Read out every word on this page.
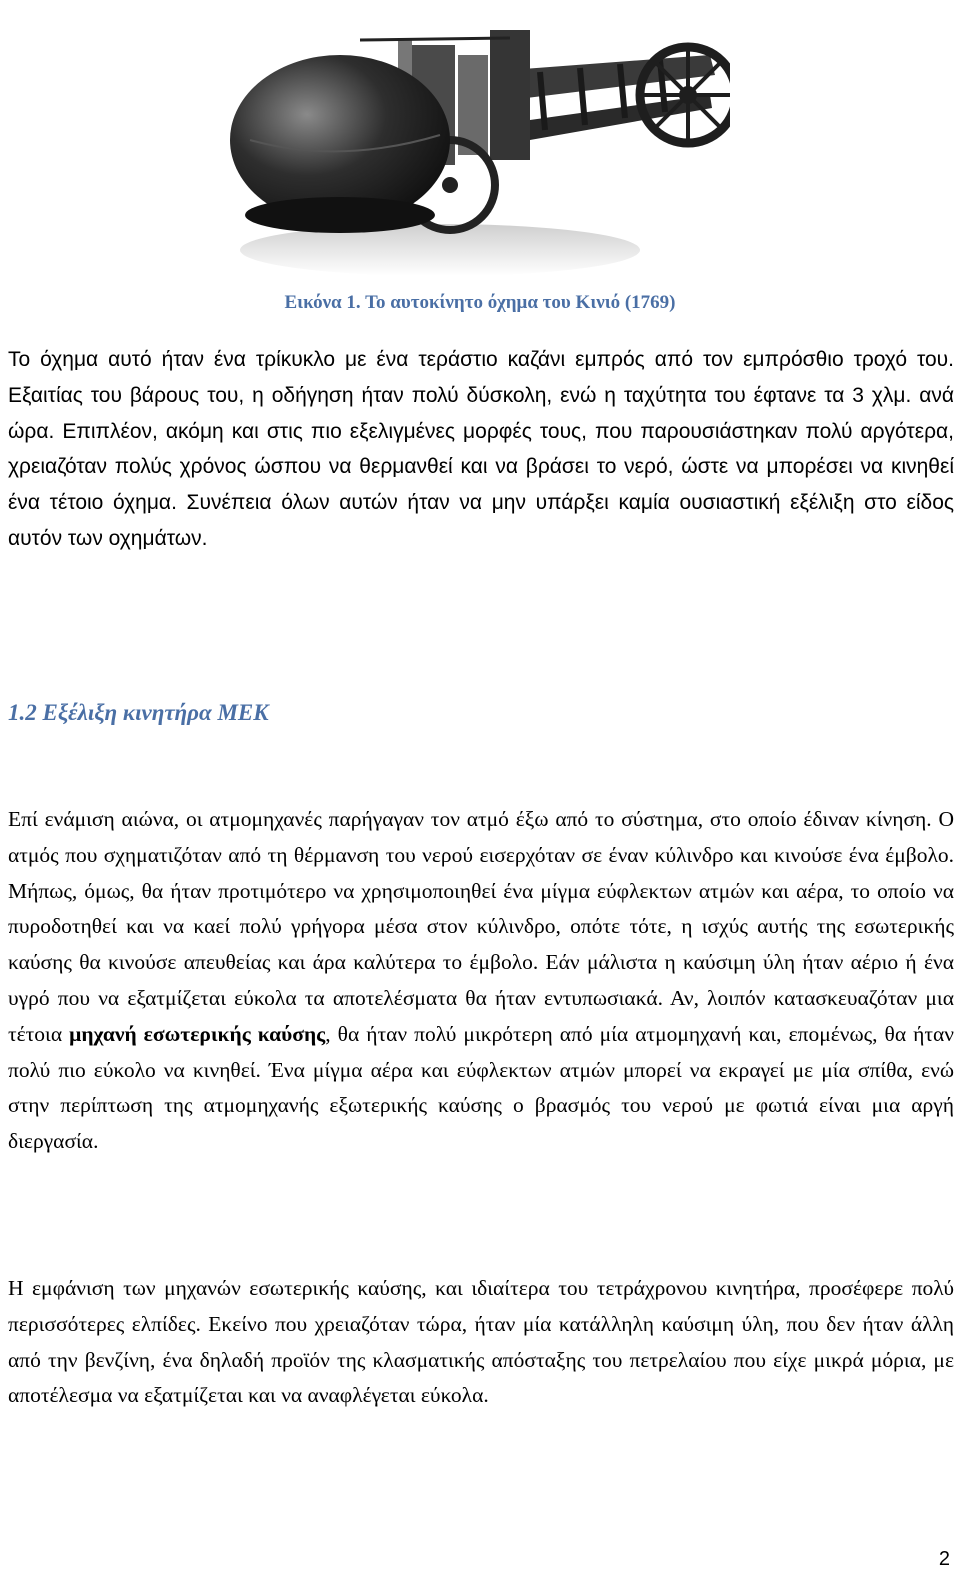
Εικόνα 1. Το αυτοκίνητο όχημα του Κινιό (1769)

Το όχημα αυτό ήταν ένα τρίκυκλο με ένα τεράστιο καζάνι εμπρός από τον εμπρόσθιο τροχό του. Εξαιτίας του βάρους του, η οδήγηση ήταν πολύ δύσκολη, ενώ η ταχύτητα του έφτανε τα 3 χλμ. ανά ώρα. Επιπλέον, ακόμη και στις πιο εξελιγμένες μορφές τους, που παρουσιάστηκαν πολύ αργότερα, χρειαζόταν πολύς χρόνος ώσπου να θερμανθεί και να βράσει το νερό, ώστε να μπορέσει να κινηθεί ένα τέτοιο όχημα. Συνέπεια όλων αυτών ήταν να μην υπάρξει καμία ουσιαστική εξέλιξη στο είδος αυτόν των οχημάτων.

1.2 Εξέλιξη κινητήρα ΜΕΚ

Επί ενάμιση αιώνα, οι ατμομηχανές παρήγαγαν τον ατμό έξω από το σύστημα, στο οποίο έδιναν κίνηση. Ο ατμός που σχηματιζόταν από τη θέρμανση του νερού εισερχόταν σε έναν κύλινδρο και κινούσε ένα έμβολο. Μήπως, όμως, θα ήταν προτιμότερο να χρησιμοποιηθεί ένα μίγμα εύφλεκτων ατμών και αέρα, το οποίο να πυροδοτηθεί και να καεί πολύ γρήγορα μέσα στον κύλινδρο, οπότε τότε, η ισχύς αυτής της εσωτερικής καύσης θα κινούσε απευθείας και άρα καλύτερα το έμβολο. Εάν μάλιστα η καύσιμη ύλη ήταν αέριο ή ένα υγρό που να εξατμίζεται εύκολα τα αποτελέσματα θα ήταν εντυπωσιακά. Αν, λοιπόν κατασκευαζόταν μια τέτοια μηχανή εσωτερικής καύσης, θα ήταν πολύ μικρότερη από μία ατμομηχανή και, επομένως, θα ήταν πολύ πιο εύκολο να κινηθεί. Ένα μίγμα αέρα και εύφλεκτων ατμών μπορεί να εκραγεί με μία σπίθα, ενώ στην περίπτωση της ατμομηχανής εξωτερικής καύσης ο βρασμός του νερού με φωτιά είναι μια αργή διεργασία.

Η εμφάνιση των μηχανών εσωτερικής καύσης, και ιδιαίτερα του τετράχρονου κινητήρα, προσέφερε πολύ περισσότερες ελπίδες. Εκείνο που χρειαζόταν τώρα, ήταν μία κατάλληλη καύσιμη ύλη, που δεν ήταν άλλη από την βενζίνη, ένα δηλαδή προϊόν της κλασματικής απόσταξης του πετρελαίου που είχε μικρά μόρια, με αποτέλεσμα να εξατμίζεται και να αναφλέγεται εύκολα.

2
